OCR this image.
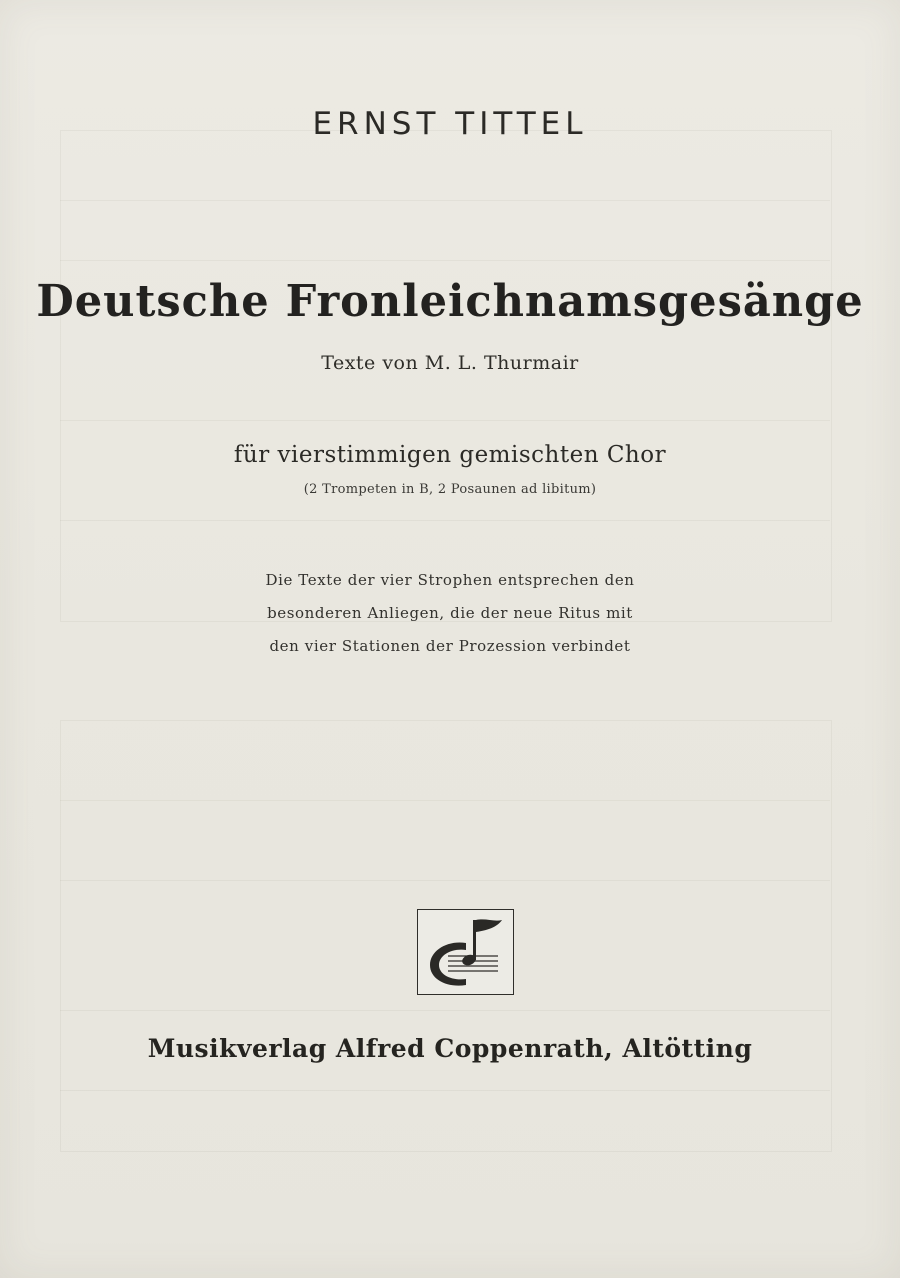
ERNST TITTEL
Deutsche Fronleichnamsgesänge
Texte von M. L. Thurmair
für vierstimmigen gemischten Chor
(2 Trompeten in B, 2 Posaunen ad libitum)
Die Texte der vier Strophen entsprechen den
besonderen Anliegen, die der neue Ritus mit
den vier Stationen der Prozession verbindet
Musikverlag Alfred Coppenrath, Altötting
